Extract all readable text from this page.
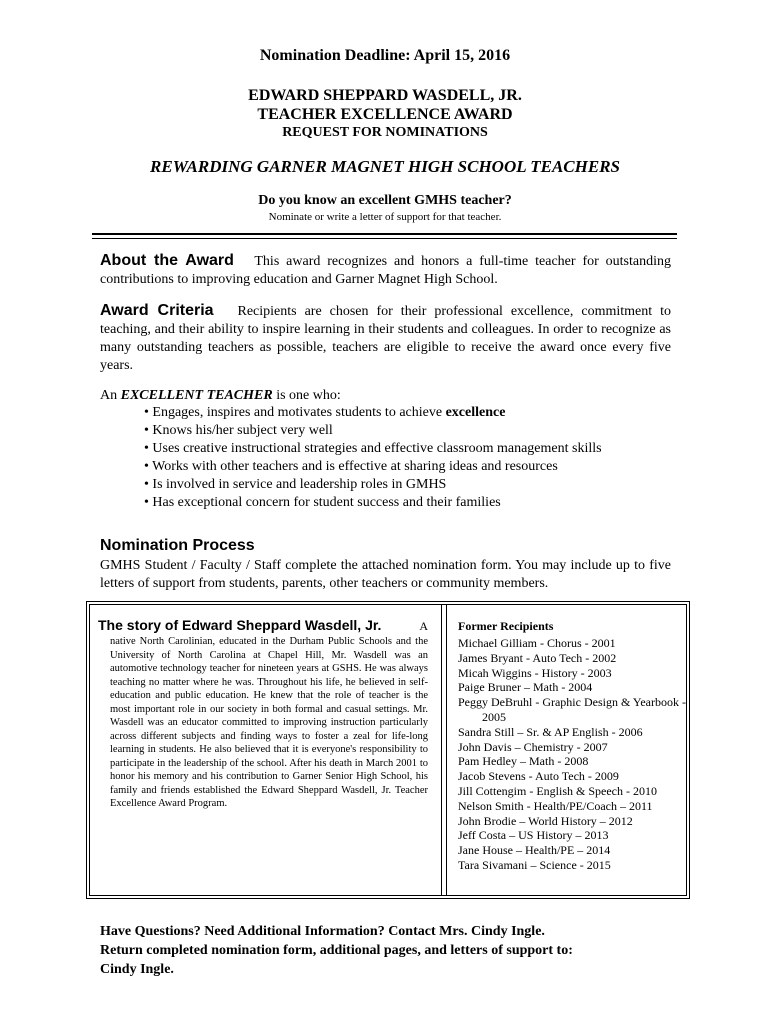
Nomination Deadline: April 15, 2016
EDWARD SHEPPARD WASDELL, JR.
TEACHER EXCELLENCE AWARD
REQUEST FOR NOMINATIONS
REWARDING GARNER MAGNET HIGH SCHOOL TEACHERS
Do you know an excellent GMHS teacher?
Nominate or write a letter of support for that teacher.
About the Award This award recognizes and honors a full-time teacher for outstanding contributions to improving education and Garner Magnet High School.
Award Criteria Recipients are chosen for their professional excellence, commitment to teaching, and their ability to inspire learning in their students and colleagues. In order to recognize as many outstanding teachers as possible, teachers are eligible to receive the award once every five years.
An EXCELLENT TEACHER is one who:
• Engages, inspires and motivates students to achieve excellence
• Knows his/her subject very well
• Uses creative instructional strategies and effective classroom management skills
• Works with other teachers and is effective at sharing ideas and resources
• Is involved in service and leadership roles in GMHS
• Has exceptional concern for student success and their families
Nomination Process
GMHS Student / Faculty / Staff complete the attached nomination form. You may include up to five letters of support from students, parents, other teachers or community members.
The story of Edward Sheppard Wasdell, Jr.	A
native North Carolinian, educated in the Durham Public Schools and the University of North Carolina at Chapel Hill, Mr. Wasdell was an automotive technology teacher for nineteen years at GSHS. He was always teaching no matter where he was. Throughout his life, he believed in self-education and public education. He knew that the role of teacher is the most important role in our society in both formal and casual settings. Mr. Wasdell was an educator committed to improving instruction particularly across different subjects and finding ways to foster a zeal for life-long learning in students. He also believed that it is everyone's responsibility to participate in the leadership of the school. After his death in March 2001 to honor his memory and his contribution to Garner Senior High School, his family and friends established the Edward Sheppard Wasdell, Jr. Teacher Excellence Award Program.
Former Recipients
Michael Gilliam - Chorus - 2001
James Bryant - Auto Tech - 2002
Micah Wiggins - History - 2003
Paige Bruner – Math - 2004
Peggy DeBruhl - Graphic Design & Yearbook - 2005
Sandra Still – Sr. & AP English - 2006
John Davis – Chemistry - 2007
Pam Hedley – Math - 2008
Jacob Stevens - Auto Tech - 2009
Jill Cottengim - English & Speech - 2010
Nelson Smith - Health/PE/Coach – 2011
John Brodie – World History – 2012
Jeff Costa – US History – 2013
Jane House – Health/PE – 2014
Tara Sivamani – Science - 2015
Have Questions? Need Additional Information? Contact Mrs. Cindy Ingle.
Return completed nomination form, additional pages, and letters of support to:
Cindy Ingle.
